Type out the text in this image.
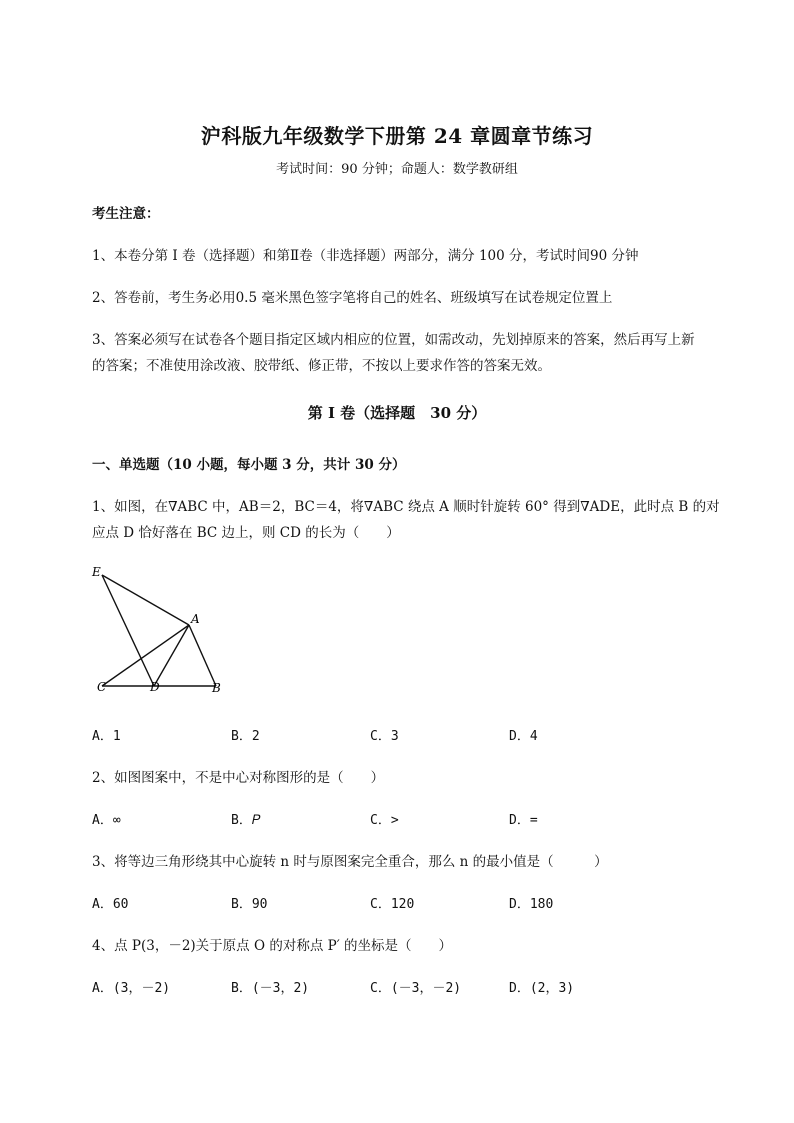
沪科版九年级数学下册第 24 章圆章节练习
考试时间：90 分钟；命题人：数学教研组
考生注意：
1、本卷分第 I 卷（选择题）和第Ⅱ卷（非选择题）两部分，满分 100 分，考试时间90 分钟
2、答卷前，考生务必用0.5 毫米黑色签字笔将自己的姓名、班级填写在试卷规定位置上
3、答案必须写在试卷各个题目指定区域内相应的位置，如需改动，先划掉原来的答案，然后再写上新
的答案；不准使用涂改液、胶带纸、修正带，不按以上要求作答的答案无效。
第 I 卷（选择题　30 分）
一、单选题（10 小题，每小题 3 分，共计 30 分）
1、如图，在∇ABC 中，AB＝2，BC＝4，将∇ABC 绕点 A 顺时针旋转 60° 得到∇ADE，此时点 B 的对
应点 D 恰好落在 BC 边上，则 CD 的长为（　　）
E
A
C	D	B
A．1	B．2	C．3	D．4
2、如图图案中，不是中心对称图形的是（　　）
A．∞	B．𝑃	C．>	D．=
3、将等边三角形绕其中心旋转 n 时与原图案完全重合，那么 n 的最小值是（　　　）
A．60	B．90	C．120	D．180
4、点 P(3，－2)关于原点 O 的对称点 P′ 的坐标是（　　）
A．(3，－2)	B．(－3，2)	C．(－3，－2)	D．(2，3)
